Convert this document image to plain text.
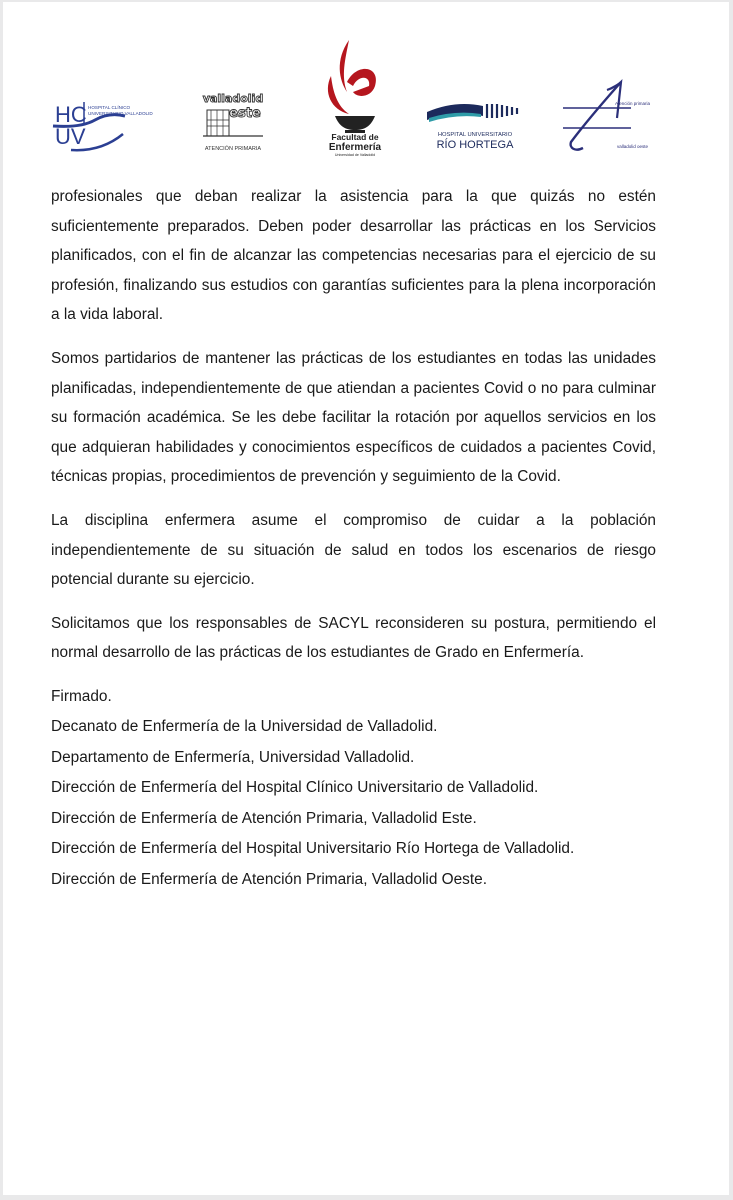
HC
UV
HOSPITAL CLÍNICO
UNIVERSITARIO VALLADOLID
valladolid
este
ATENCIÓN PRIMARIA
Facultad de
Enfermería
Universidad de Valladolid
HOSPITAL UNIVERSITARIO
RÍO HORTEGA
Atención primaria
valladolid oeste

profesionales que deban realizar la asistencia para la que quizás no estén suficientemente preparados. Deben poder desarrollar las prácticas en los Servicios planificados, con el fin de alcanzar las competencias necesarias para el ejercicio de su profesión, finalizando sus estudios con garantías suficientes para la plena incorporación a la vida laboral.

Somos partidarios de mantener las prácticas de los estudiantes en todas las unidades planificadas, independientemente de que atiendan a pacientes Covid o no para culminar su formación académica. Se les debe facilitar la rotación por aquellos servicios en los que adquieran habilidades y conocimientos específicos de cuidados a pacientes Covid, técnicas propias, procedimientos de prevención y seguimiento de la Covid.

La disciplina enfermera asume el compromiso de cuidar a la población independientemente de su situación de salud en todos los escenarios de riesgo potencial durante su ejercicio.

Solicitamos que los responsables de SACYL reconsideren su postura, permitiendo el normal desarrollo de las prácticas de los estudiantes de Grado en Enfermería.

Firmado.
Decanato de Enfermería de la Universidad de Valladolid.
Departamento de Enfermería, Universidad Valladolid.
Dirección de Enfermería del Hospital Clínico Universitario de Valladolid.
Dirección de Enfermería de Atención Primaria, Valladolid Este.
Dirección de Enfermería del Hospital Universitario Río Hortega de Valladolid.
Dirección de Enfermería de Atención Primaria, Valladolid Oeste.
